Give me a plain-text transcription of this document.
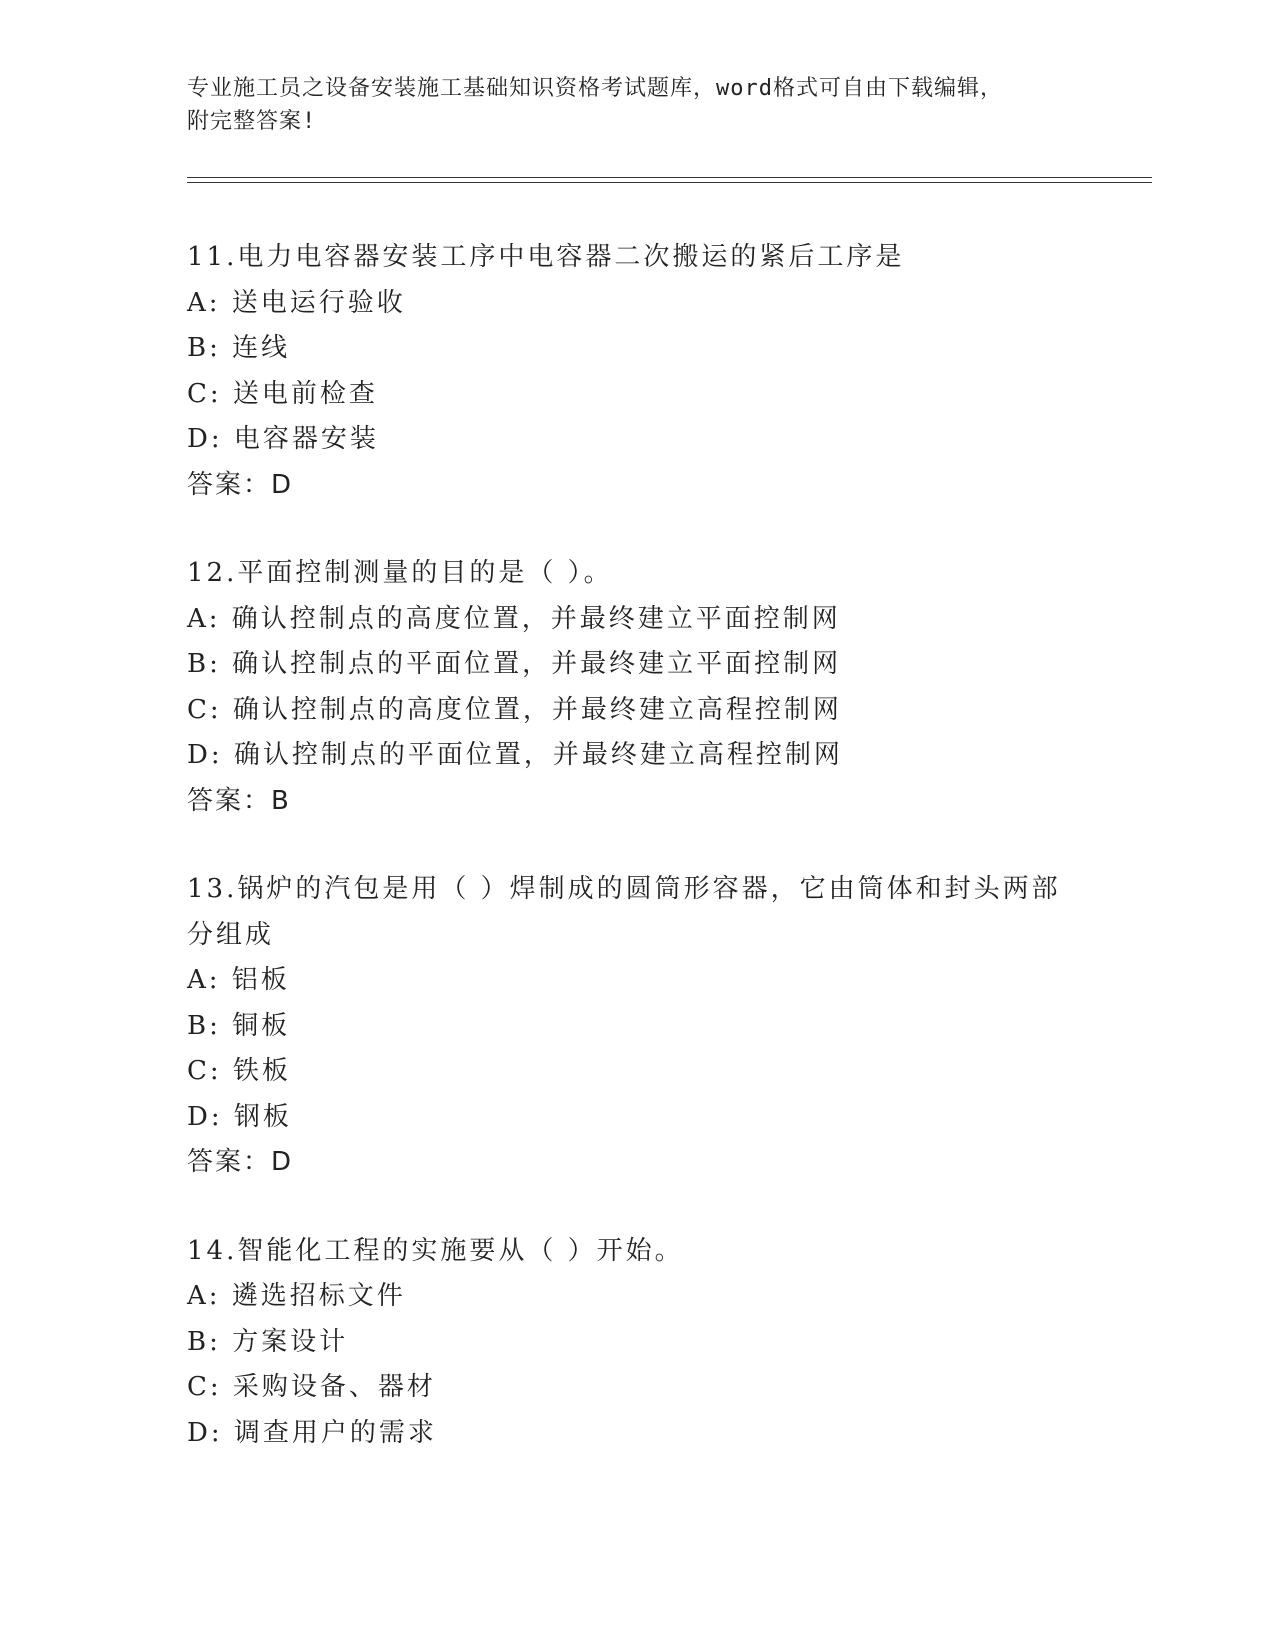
专业施工员之设备安装施工基础知识资格考试题库，word格式可自由下载编辑，
附完整答案!
11.电力电容器安装工序中电容器二次搬运的紧后工序是
A: 送电运行验收
B: 连线
C: 送电前检查
D: 电容器安装
答案：D
12.平面控制测量的目的是（ ）。
A: 确认控制点的高度位置，并最终建立平面控制网
B: 确认控制点的平面位置，并最终建立平面控制网
C: 确认控制点的高度位置，并最终建立高程控制网
D: 确认控制点的平面位置，并最终建立高程控制网
答案：B
13.锅炉的汽包是用（ ）焊制成的圆筒形容器，它由筒体和封头两部分组成
A: 铝板
B: 铜板
C: 铁板
D: 钢板
答案：D
14.智能化工程的实施要从（ ）开始。
A: 遴选招标文件
B: 方案设计
C: 采购设备、器材
D: 调查用户的需求
